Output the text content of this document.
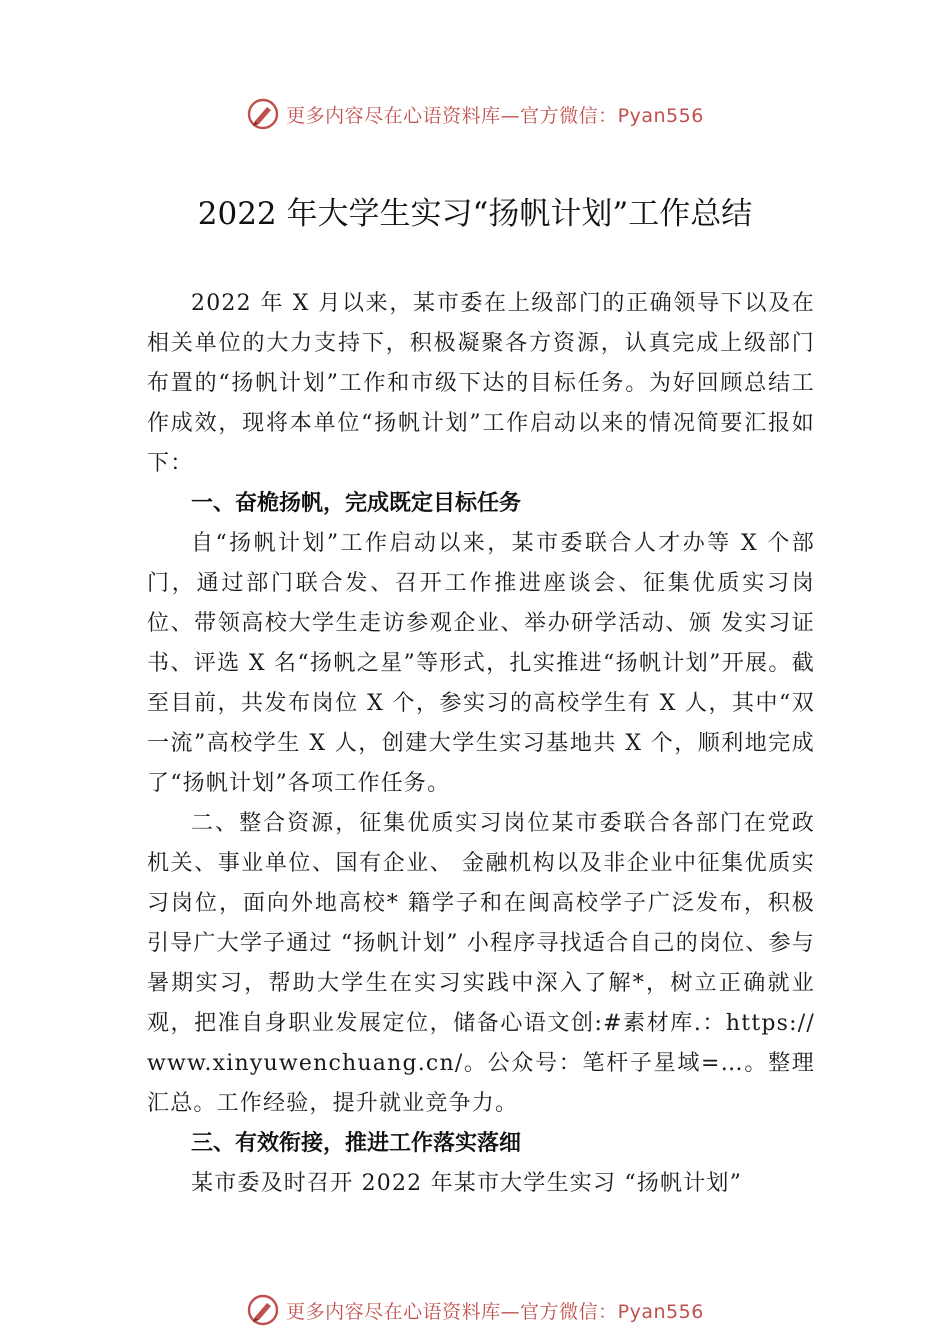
更多内容尽在心语资料库—官方微信：Pyan556
2022 年大学生实习“扬帆计划”工作总结

2022 年 X 月以来，某市委在上级部门的正确领导下以及在相关单位的大力支持下，积极凝聚各方资源，认真完成上级部门布置的“扬帆计划”工作和市级下达的目标任务。为好回顾总结工作成效，现将本单位“扬帆计划”工作启动以来的情况简要汇报如下：

一、奋桅扬帆，完成既定目标任务

自“扬帆计划”工作启动以来，某市委联合人才办等 X 个部门，通过部门联合发、召开工作推进座谈会、征集优质实习岗位、带领高校大学生走访参观企业、举办研学活动、颁 发实习证书、评选 X 名“扬帆之星”等形式，扎实推进“扬帆计划”开展。截至目前，共发布岗位 X 个，参实习的高校学生有 X 人，其中“双一流”高校学生 X 人，创建大学生实习基地共 X 个，顺利地完成了“扬帆计划”各项工作任务。

二、整合资源，征集优质实习岗位某市委联合各部门在党政机关、事业单位、国有企业、 金融机构以及非企业中征集优质实习岗位，面向外地高校* 籍学子和在闽高校学子广泛发布，积极引导广大学子通过 “扬帆计划” 小程序寻找适合自己的岗位、参与暑期实习，帮助大学生在实习实践中深入了解*，树立正确就业观，把准自身职业发展定位，储备心语文创:#素材库.：https:// www.xinyuwenchuang.cn/。公众号：笔杆子星域=…。整理汇总。工作经验，提升就业竞争力。

三、有效衔接，推进工作落实落细

某市委及时召开 2022 年某市大学生实习 “扬帆计划”

更多内容尽在心语资料库—官方微信：Pyan556
